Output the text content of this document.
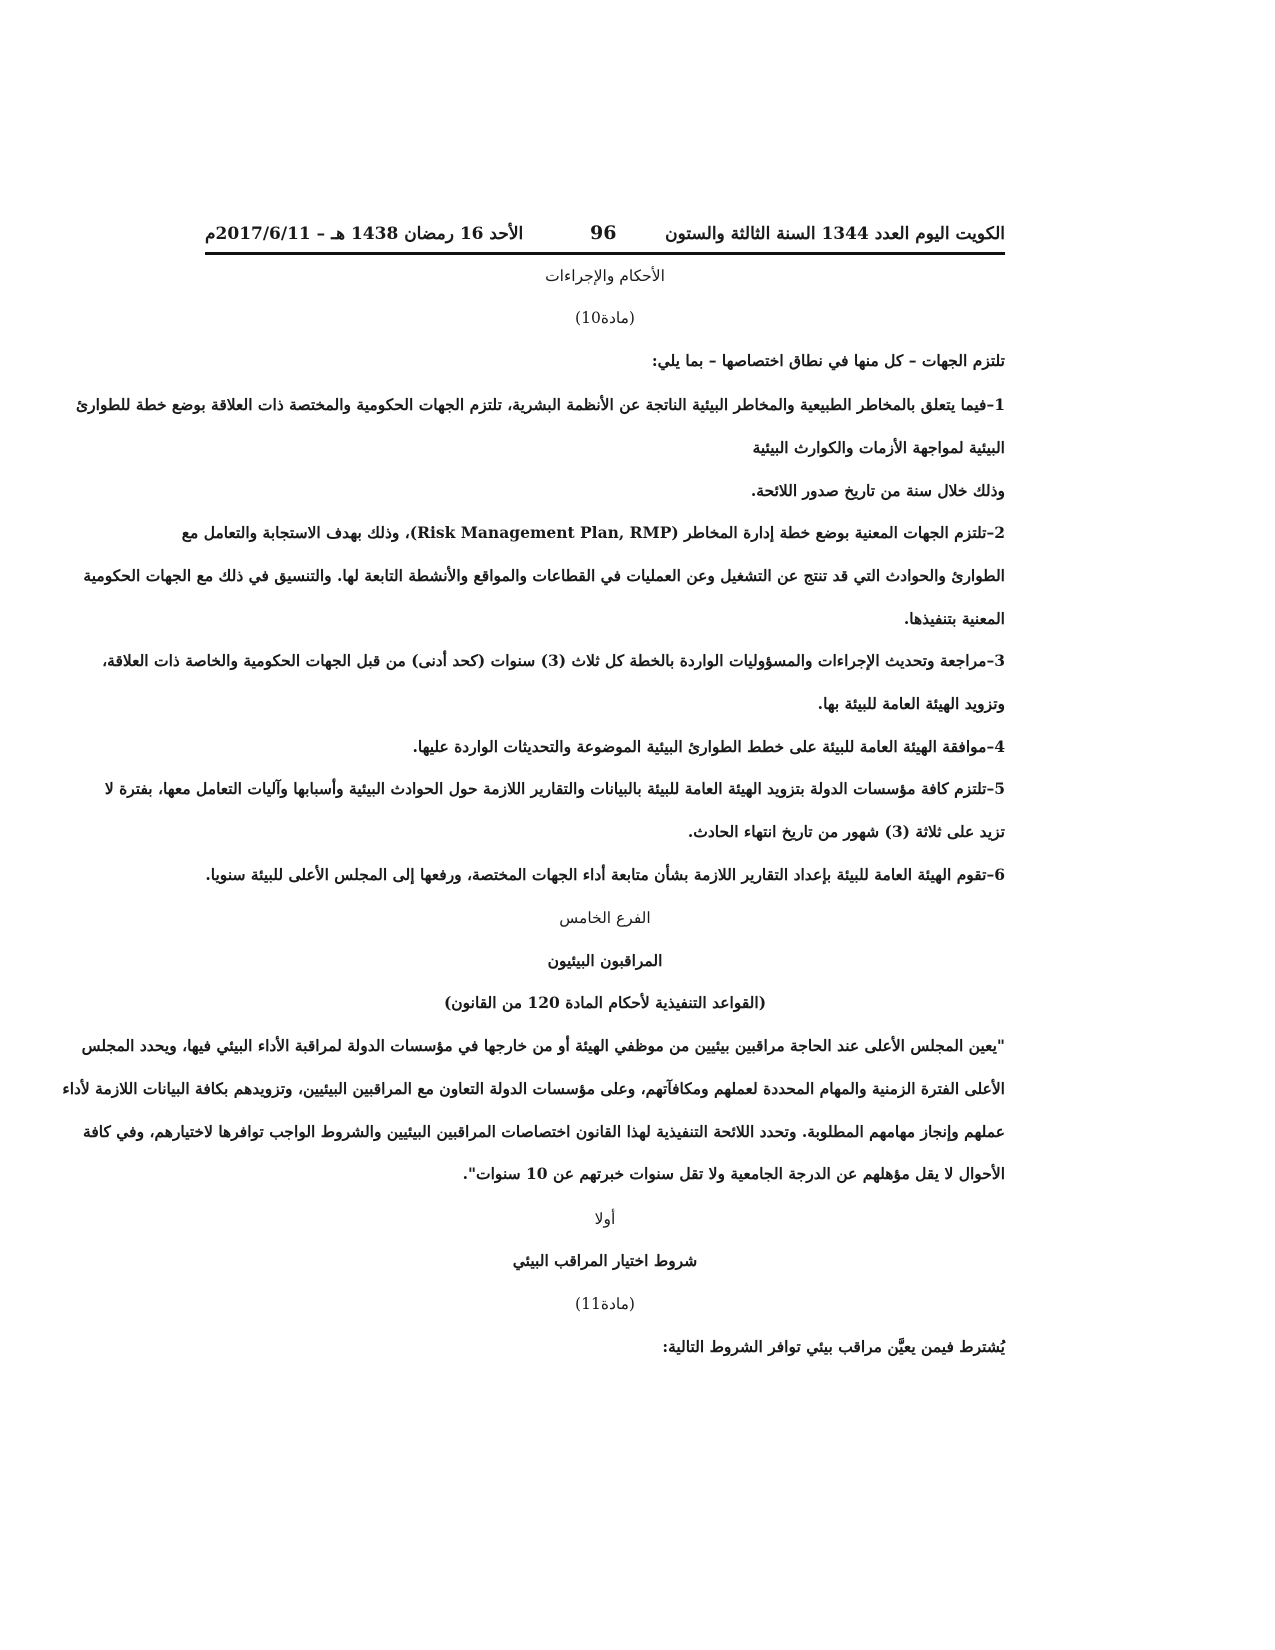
الكويت اليوم العدد 1344 السنة الثالثة والستون
96
الأحد 16 رمضان 1438 هـ – 2017/6/11م
الأحكام والإجراءات
(مادة10)
تلتزم الجهات – كل منها في نطاق اختصاصها – بما يلي:
1–فيما يتعلق بالمخاطر الطبيعية والمخاطر البيئية الناتجة عن الأنظمة البشرية، تلتزم الجهات الحكومية والمختصة ذات العلاقة بوضع خطة للطوارئ
البيئية لمواجهة الأزمات والكوارث البيئية
وذلك خلال سنة من تاريخ صدور اللائحة.
2–تلتزم الجهات المعنية بوضع خطة إدارة المخاطر (Risk Management Plan, RMP)، وذلك بهدف الاستجابة والتعامل مع
الطوارئ والحوادث التي قد تنتج عن التشغيل وعن العمليات في القطاعات والمواقع والأنشطة التابعة لها. والتنسيق في ذلك مع الجهات الحكومية
المعنية بتنفيذها.
3–مراجعة وتحديث الإجراءات والمسؤوليات الواردة بالخطة كل ثلاث (3) سنوات (كحد أدنى) من قبل الجهات الحكومية والخاصة ذات العلاقة،
وتزويد الهيئة العامة للبيئة بها.
4–موافقة الهيئة العامة للبيئة على خطط الطوارئ البيئية الموضوعة والتحديثات الواردة عليها.
5–تلتزم كافة مؤسسات الدولة بتزويد الهيئة العامة للبيئة بالبيانات والتقارير اللازمة حول الحوادث البيئية وأسبابها وآليات التعامل معها، بفترة لا
تزيد على ثلاثة (3) شهور من تاريخ انتهاء الحادث.
6–تقوم الهيئة العامة للبيئة بإعداد التقارير اللازمة بشأن متابعة أداء الجهات المختصة، ورفعها إلى المجلس الأعلى للبيئة سنويا.
الفرع الخامس
المراقبون البيئيون
(القواعد التنفيذية لأحكام المادة 120 من القانون)
"يعين المجلس الأعلى عند الحاجة مراقبين بيئيين من موظفي الهيئة أو من خارجها في مؤسسات الدولة لمراقبة الأداء البيئي فيها، ويحدد المجلس
الأعلى الفترة الزمنية والمهام المحددة لعملهم ومكافآتهم، وعلى مؤسسات الدولة التعاون مع المراقبين البيئيين، وتزويدهم بكافة البيانات اللازمة لأداء
عملهم وإنجاز مهامهم المطلوبة. وتحدد اللائحة التنفيذية لهذا القانون اختصاصات المراقبين البيئيين والشروط الواجب توافرها لاختيارهم، وفي كافة
الأحوال لا يقل مؤهلهم عن الدرجة الجامعية ولا تقل سنوات خبرتهم عن 10 سنوات".
أولا
شروط اختيار المراقب البيئي
(مادة11)
يُشترط فيمن يعيَّن مراقب بيئي توافر الشروط التالية:
